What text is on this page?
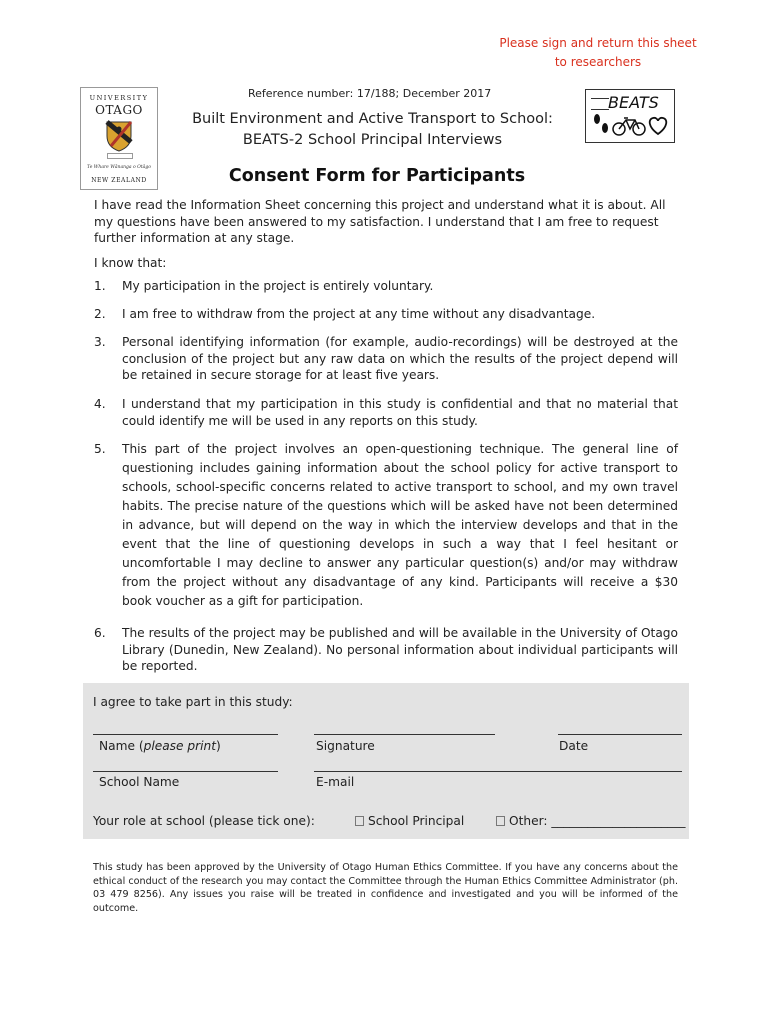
Please sign and return this sheet
to researchers
UNIVERSITY
OTAGO
Te Whare Wānanga o Otāgo
NEW ZEALAND
Reference number: 17/188; December 2017
Built Environment and Active Transport to School:
BEATS-2 School Principal Interviews
BEATS
Consent Form for Participants
I have read the Information Sheet concerning this project and understand what it is about. All my questions have been answered to my satisfaction. I understand that I am free to request further information at any stage.
I know that:
1. My participation in the project is entirely voluntary.
2. I am free to withdraw from the project at any time without any disadvantage.
3. Personal identifying information (for example, audio-recordings) will be destroyed at the conclusion of the project but any raw data on which the results of the project depend will be retained in secure storage for at least five years.
4. I understand that my participation in this study is confidential and that no material that could identify me will be used in any reports on this study.
5. This part of the project involves an open-questioning technique. The general line of questioning includes gaining information about the school policy for active transport to schools, school-specific concerns related to active transport to school, and my own travel habits. The precise nature of the questions which will be asked have not been determined in advance, but will depend on the way in which the interview develops and that in the event that the line of questioning develops in such a way that I feel hesitant or uncomfortable I may decline to answer any particular question(s) and/or may withdraw from the project without any disadvantage of any kind. Participants will receive a $30 book voucher as a gift for participation.
6. The results of the project may be published and will be available in the University of Otago Library (Dunedin, New Zealand). No personal information about individual participants will be reported.
I agree to take part in this study:
Name (please print)	Signature	Date
School Name	E-mail
Your role at school (please tick one):	School Principal	Other: ______________________
This study has been approved by the University of Otago Human Ethics Committee. If you have any concerns about the ethical conduct of the research you may contact the Committee through the Human Ethics Committee Administrator (ph. 03 479 8256). Any issues you raise will be treated in confidence and investigated and you will be informed of the outcome.
